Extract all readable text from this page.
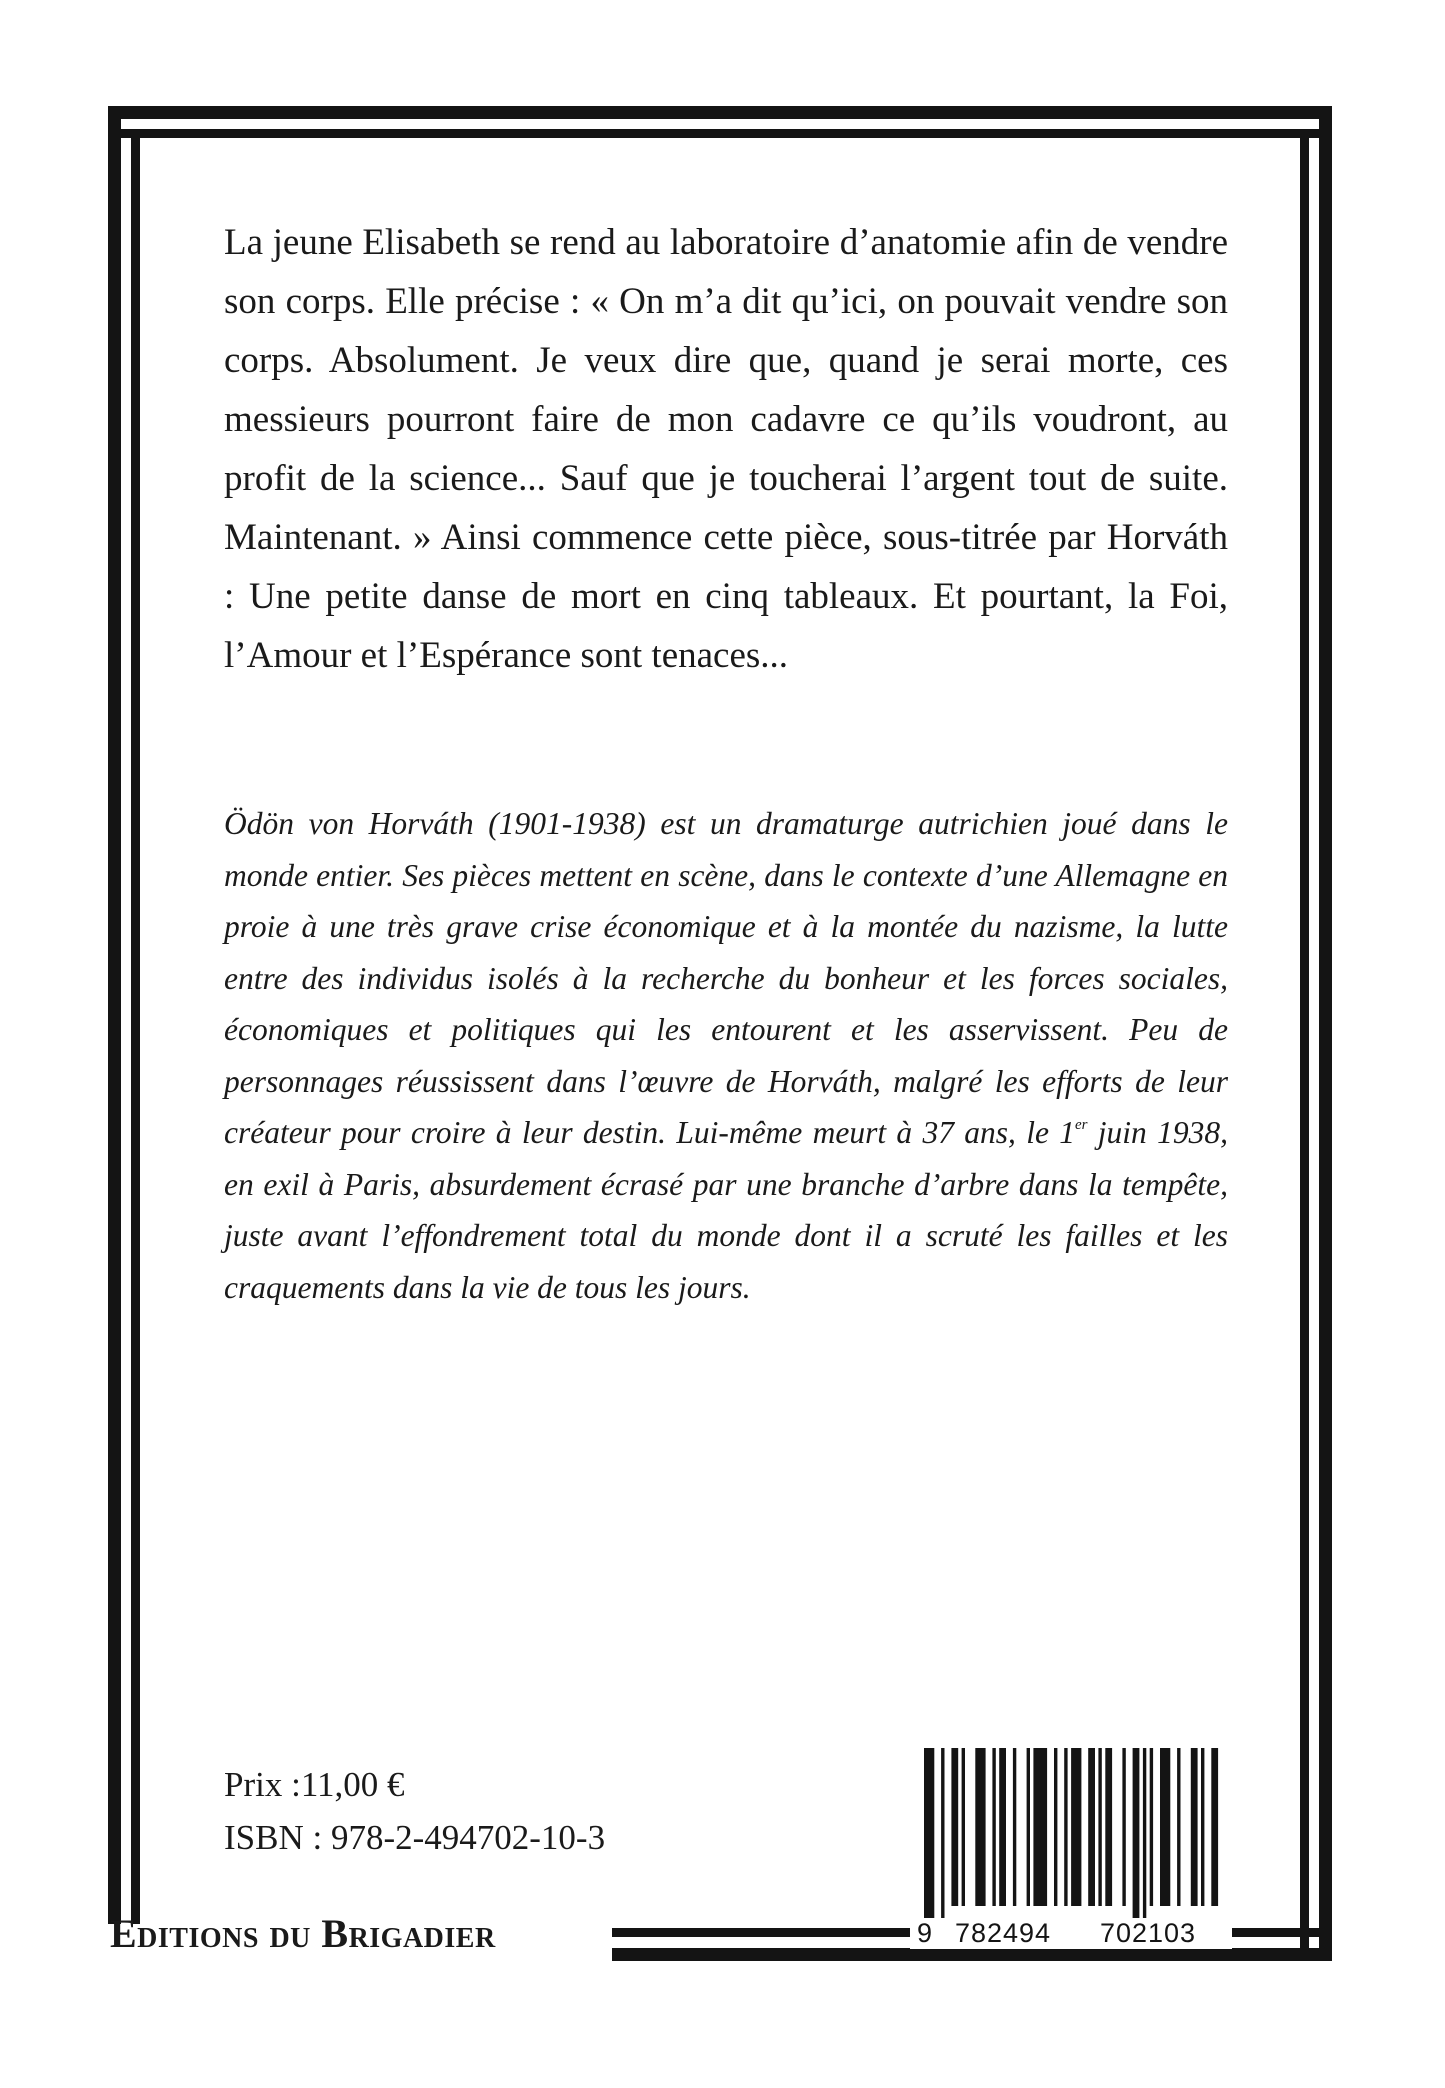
La jeune Elisabeth se rend au laboratoire d’anatomie afin de vendre son corps. Elle précise : « On m’a dit qu’ici, on pouvait vendre son corps. Absolument. Je veux dire que, quand je serai morte, ces messieurs pourront faire de mon cadavre ce qu’ils voudront, au profit de la science... Sauf que je toucherai l’argent tout de suite. Maintenant. » Ainsi commence cette pièce, sous-titrée par Horváth : Une petite danse de mort en cinq tableaux. Et pourtant, la Foi, l’Amour et l’Espérance sont tenaces...

Ödön von Horváth (1901-1938) est un dramaturge autrichien joué dans le monde entier. Ses pièces mettent en scène, dans le contexte d’une Allemagne en proie à une très grave crise économique et à la montée du nazisme, la lutte entre des individus isolés à la recherche du bonheur et les forces sociales, économiques et politiques qui les entourent et les asservissent. Peu de personnages réussissent dans l’œuvre de Horváth, malgré les efforts de leur créateur pour croire à leur destin. Lui-même meurt à 37 ans, le 1er juin 1938, en exil à Paris, absurdement écrasé par une branche d’arbre dans la tempête, juste avant l’effondrement total du monde dont il a scruté les failles et les craquements dans la vie de tous les jours.

Prix :11,00 €
ISBN : 978-2-494702-10-3
9 782494 702103
Editions du Brigadier
